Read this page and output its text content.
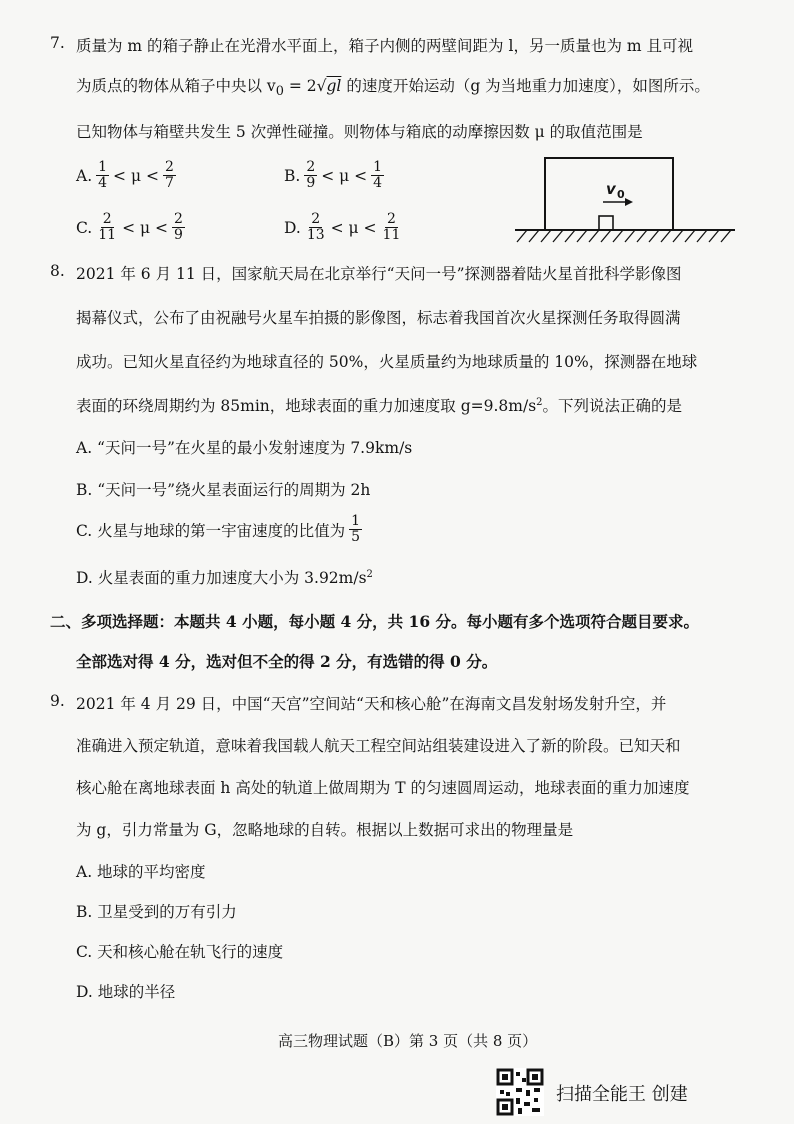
7. 质量为 m 的箱子静止在光滑水平面上，箱子内侧的两壁间距为 l，另一质量也为 m 且可视
为质点的物体从箱子中央以 $v_0 = 2√gl$ 的速度开始运动（g 为当地重力加速度），如图所示。
已知物体与箱壁共发生 5 次弹性碰撞。则物体与箱底的动摩擦因数 μ 的取值范围是
A. 1
4 < μ < 2
7	B. 2
9 < μ < 1
4
C. 2
11 < μ < 2
9	D. 2
13 < μ < 2
11
v 0
8. 2021 年 6 月 11 日，国家航天局在北京举行“天问一号”探测器着陆火星首批科学影像图
揭幕仪式，公布了由祝融号火星车拍摄的影像图，标志着我国首次火星探测任务取得圆满
成功。已知火星直径约为地球直径的 50%，火星质量约为地球质量的 10%，探测器在地球
表面的环绕周期约为 85min，地球表面的重力加速度取 $g=9.8m/s^2$。下列说法正确的是
A. “天问一号”在火星的最小发射速度为 7.9km/s
B. “天问一号”绕火星表面运行的周期为 2h
C. 火星与地球的第一宇宙速度的比值为
1
5
D. 火星表面的重力加速度大小为 $3.92m/s^2$
二、多项选择题：本题共 4 小题，每小题 4 分，共 16 分。每小题有多个选项符合题目要求。
全部选对得 4 分，选对但不全的得 2 分，有选错的得 0 分。
9. 2021 年 4 月 29 日，中国“天宫”空间站“天和核心舱”在海南文昌发射场发射升空，并
准确进入预定轨道，意味着我国载人航天工程空间站组装建设进入了新的阶段。已知天和
核心舱在离地球表面 h 高处的轨道上做周期为 T 的匀速圆周运动，地球表面的重力加速度
为 g，引力常量为 G，忽略地球的自转。根据以上数据可求出的物理量是
A. 地球的平均密度
B. 卫星受到的万有引力
C. 天和核心舱在轨飞行的速度
D. 地球的半径
高三物理试题（B）第 3 页（共 8 页）
扫描全能王 创建
